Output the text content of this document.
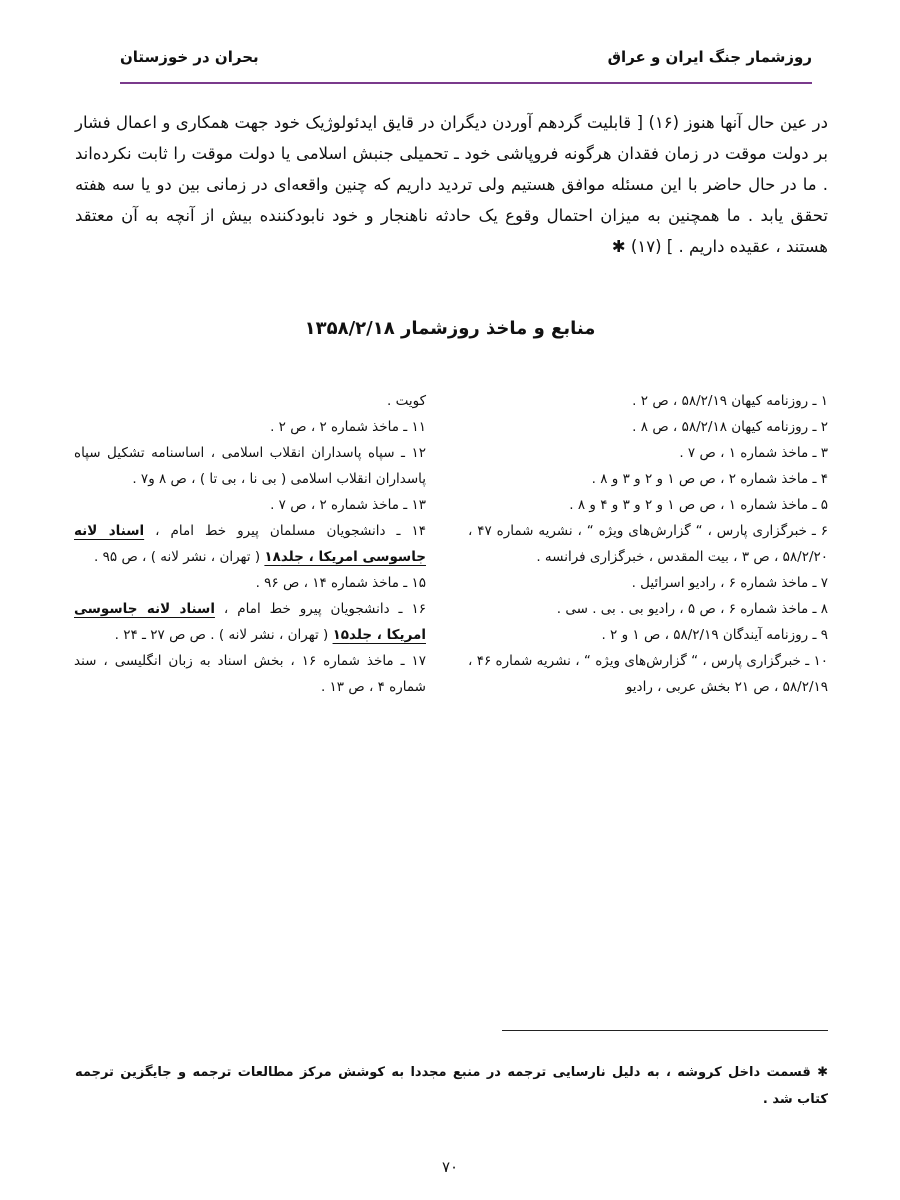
روزشمار جنگ ایران و عراق
بحران در خوزستان

در عین حال آنها هنوز (۱۶) [ قابلیت گردهم آوردن دیگران در قایق ایدئولوژیک خود جهت همکاری و اعمال فشار بر دولت موقت در زمان فقدان هرگونه فروپاشی خود ـ تحمیلی جنبش اسلامی یا دولت موقت را ثابت نکرده‌اند . ما در حال حاضر با این مسئله موافق هستیم ولی تردید داریم که چنین واقعه‌ای در زمانی بین دو یا سه هفته تحقق یابد . ما همچنین به میزان احتمال وقوع یک حادثه ناهنجار و خود نابودکننده بیش از آنچه به آن معتقد هستند ، عقیده داریم . ] (۱۷) ✱

منابع و ماخذ روزشمار ۱۳۵۸/۲/۱۸

۱ ـ روزنامه کیهان ۵۸/۲/۱۹ ، ص ۲ .

۲ ـ روزنامه کیهان ۵۸/۲/۱۸ ، ص ۸ .

۳ ـ ماخذ شماره ۱ ، ص ۷ .

۴ ـ ماخذ شماره ۲ ، ص ص ۱ و ۲ و ۳ و ۸ .

۵ ـ ماخذ شماره ۱ ، ص ص ۱ و ۲ و ۳ و ۴ و ۸ .

۶ ـ خبرگزاری پارس ، “ گزارش‌های ویژه “ ، نشریه شماره ۴۷ ، ۵۸/۲/۲۰ ، ص ۳ ، بیت المقدس ، خبرگزاری فرانسه .

۷ ـ ماخذ شماره ۶ ، رادیو اسرائیل .

۸ ـ ماخذ شماره ۶ ، ص ۵ ، رادیو بی . بی . سی .

۹ ـ روزنامه آیندگان ۵۸/۲/۱۹ ، ص ۱ و ۲ .

۱۰ ـ خبرگزاری پارس ، “ گزارش‌های ویژه “ ، نشریه شماره ۴۶ ، ۵۸/۲/۱۹ ، ص ۲۱ بخش عربی ، رادیو

کویت .

۱۱ ـ ماخذ شماره ۲ ، ص ۲ .

۱۲ ـ سپاه پاسداران انقلاب اسلامی ، اساسنامه تشکیل سپاه پاسداران انقلاب اسلامی ( بی نا ، بی تا ) ، ص ۸ و۷ .

۱۳ ـ ماخذ شماره ۲ ، ص ۷ .

۱۴ ـ دانشجویان مسلمان پیرو خط امام ، اسناد لانه جاسوسی امریکا ، جلد۱۸ ( تهران ، نشر لانه ) ، ص ۹۵ .

۱۵ ـ ماخذ شماره ۱۴ ، ص ۹۶ .

۱۶ ـ دانشجویان پیرو خط امام ، اسناد لانه جاسوسی امریکا ، جلد۱۵ ( تهران ، نشر لانه ) . ص ص ۲۷ ـ ۲۴ .

۱۷ ـ ماخذ شماره ۱۶ ، بخش اسناد به زبان انگلیسی ، سند شماره ۴ ، ص ۱۳ .

✱ قسمت داخل کروشه ، به دلیل نارسایی ترجمه در منبع مجددا به کوشش مرکز مطالعات ترجمه و جایگزین ترجمه کتاب شد .

۷۰
